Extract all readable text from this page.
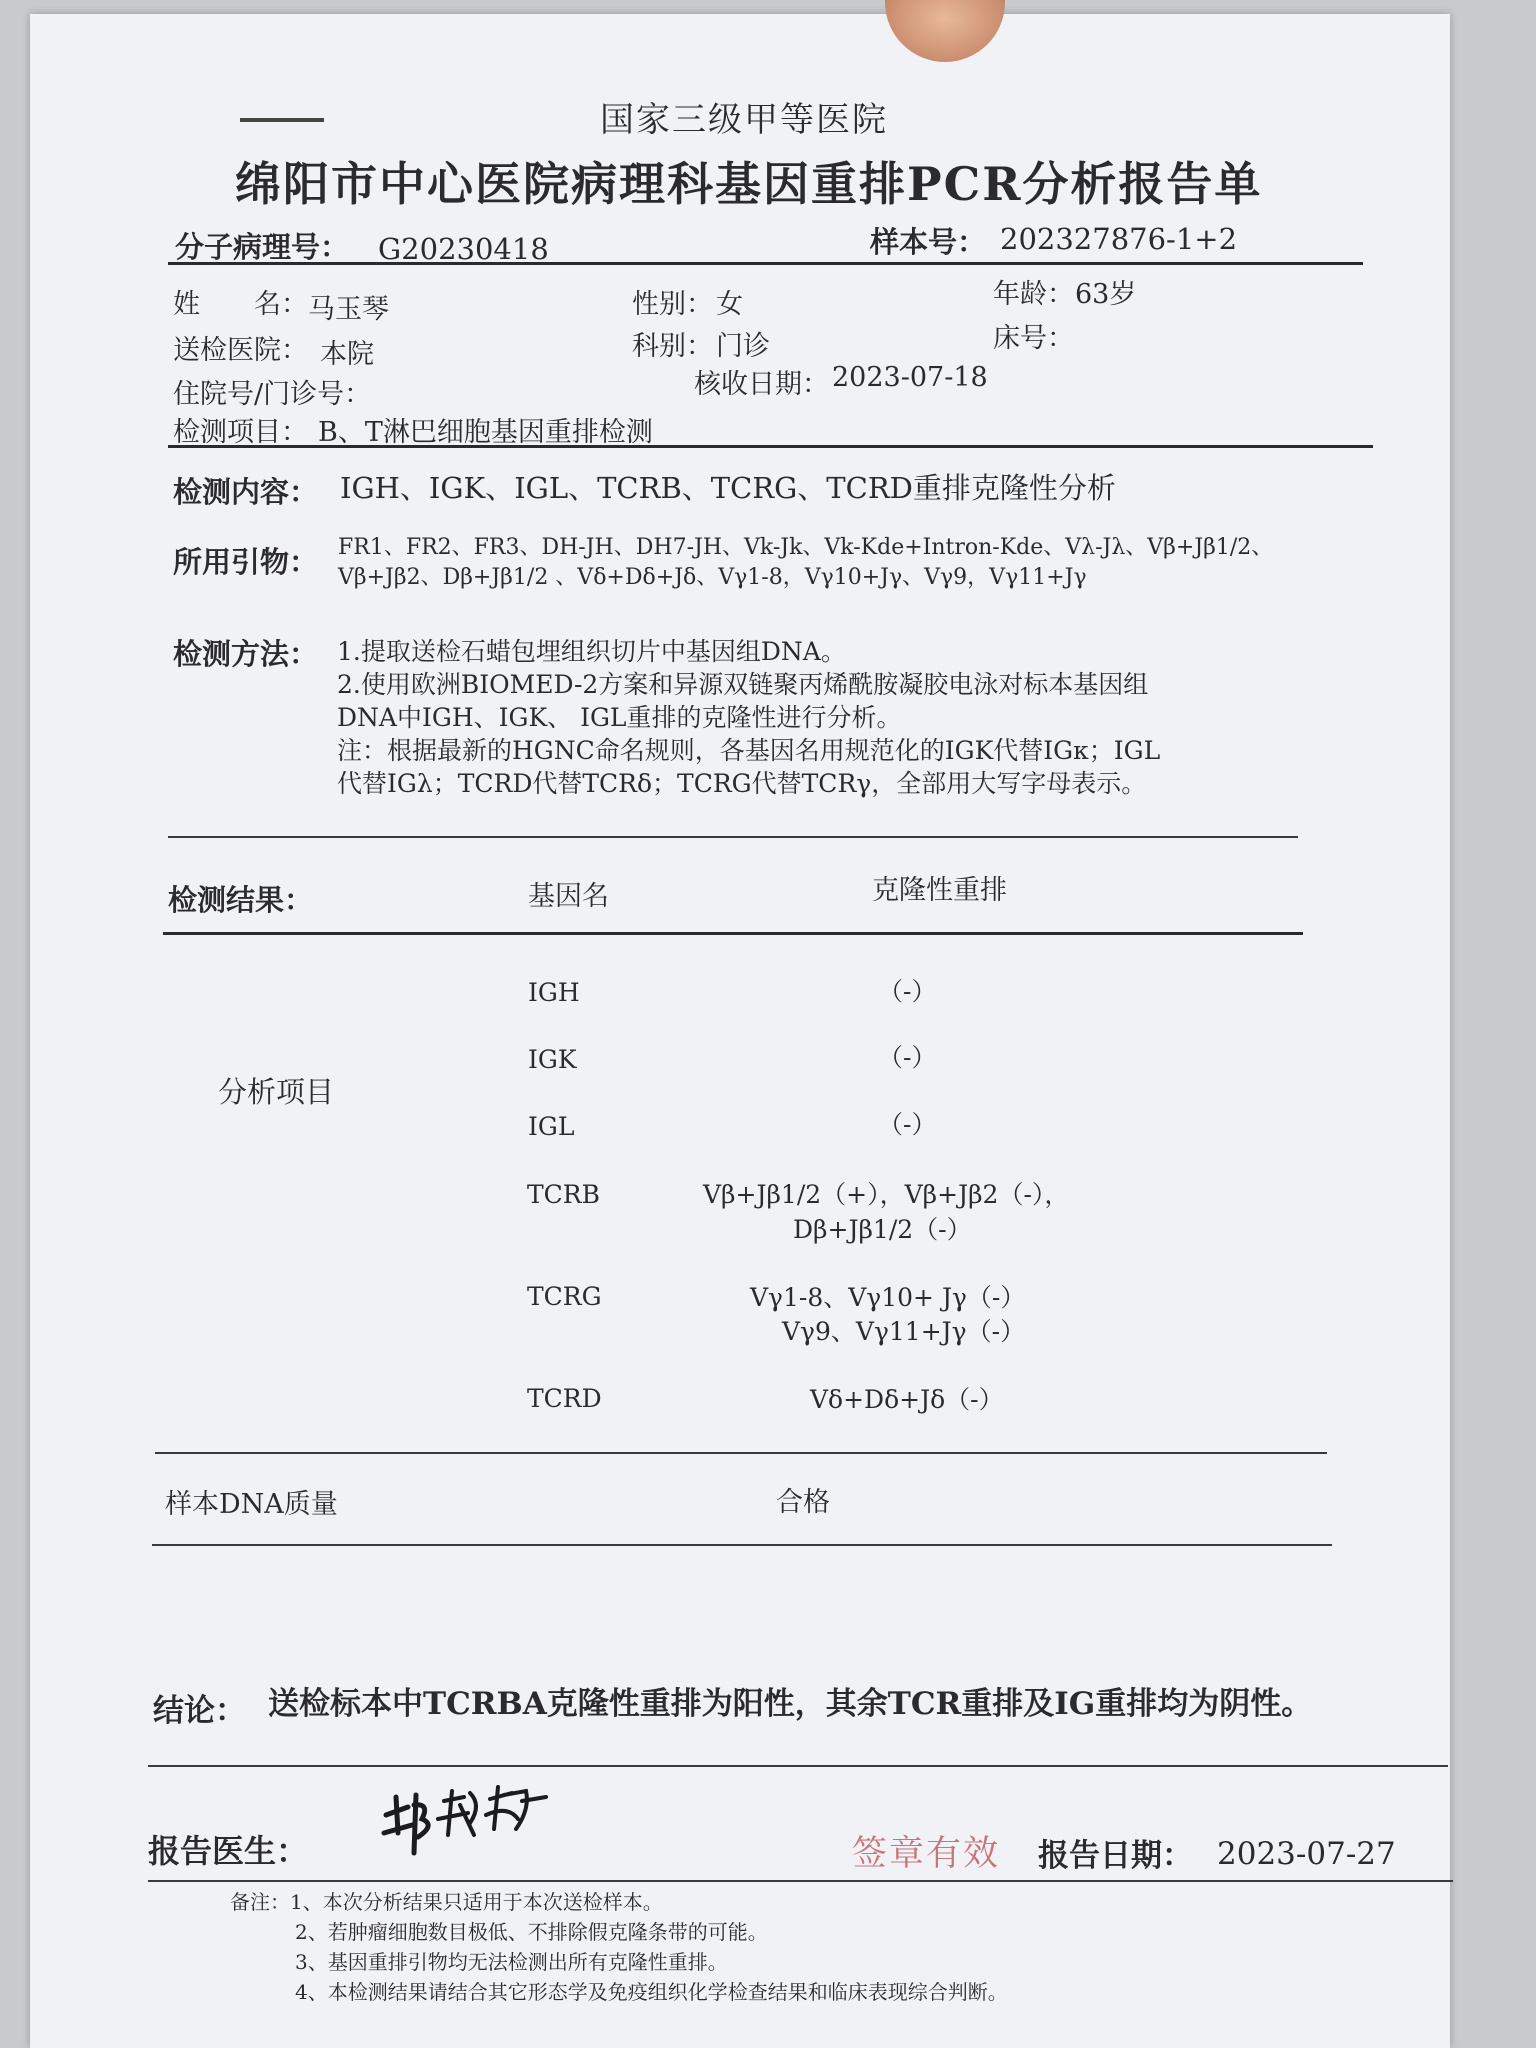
国家三级甲等医院
绵阳市中心医院病理科基因重排PCR分析报告单
分子病理号： G20230418	样本号： 202327876-1+2
姓　　名： 马玉琴	性别： 女	年龄： 63岁
送检医院： 本院	科别： 门诊	床号：
住院号/门诊号：	核收日期： 2023-07-18
检测项目： B、T淋巴细胞基因重排检测
检测内容： IGH、IGK、IGL、TCRB、TCRG、TCRD重排克隆性分析
所用引物： FR1、FR2、FR3、DH-JH、DH7-JH、Vk-Jk、Vk-Kde+Intron-Kde、Vλ-Jλ、Vβ+Jβ1/2、
Vβ+Jβ2、Dβ+Jβ1/2 、Vδ+Dδ+Jδ、Vγ1-8，Vγ10+Jγ、Vγ9，Vγ11+Jγ
检测方法： 1.提取送检石蜡包埋组织切片中基因组DNA。
2.使用欧洲BIOMED-2方案和异源双链聚丙烯酰胺凝胶电泳对标本基因组
DNA中IGH、IGK、 IGL重排的克隆性进行分析。
注：根据最新的HGNC命名规则，各基因名用规范化的IGK代替IGκ；IGL
代替IGλ；TCRD代替TCRδ；TCRG代替TCRγ，全部用大写字母表示。
检测结果：	基因名	克隆性重排
分析项目
IGH	（-）
IGK	（-）
IGL	（-）
TCRB	Vβ+Jβ1/2（+），Vβ+Jβ2（-），
Dβ+Jβ1/2（-）
TCRG	Vγ1-8、Vγ10+ Jγ（-）
Vγ9、Vγ11+Jγ（-）
TCRD	Vδ+Dδ+Jδ（-）
样本DNA质量	合格
结论： 送检标本中TCRBA克隆性重排为阳性，其余TCR重排及IG重排均为阴性。
报告医生：	签章有效 报告日期： 2023-07-27
备注：1、本次分析结果只适用于本次送检样本。
2、若肿瘤细胞数目极低、不排除假克隆条带的可能。
3、基因重排引物均无法检测出所有克隆性重排。
4、本检测结果请结合其它形态学及免疫组织化学检查结果和临床表现综合判断。
